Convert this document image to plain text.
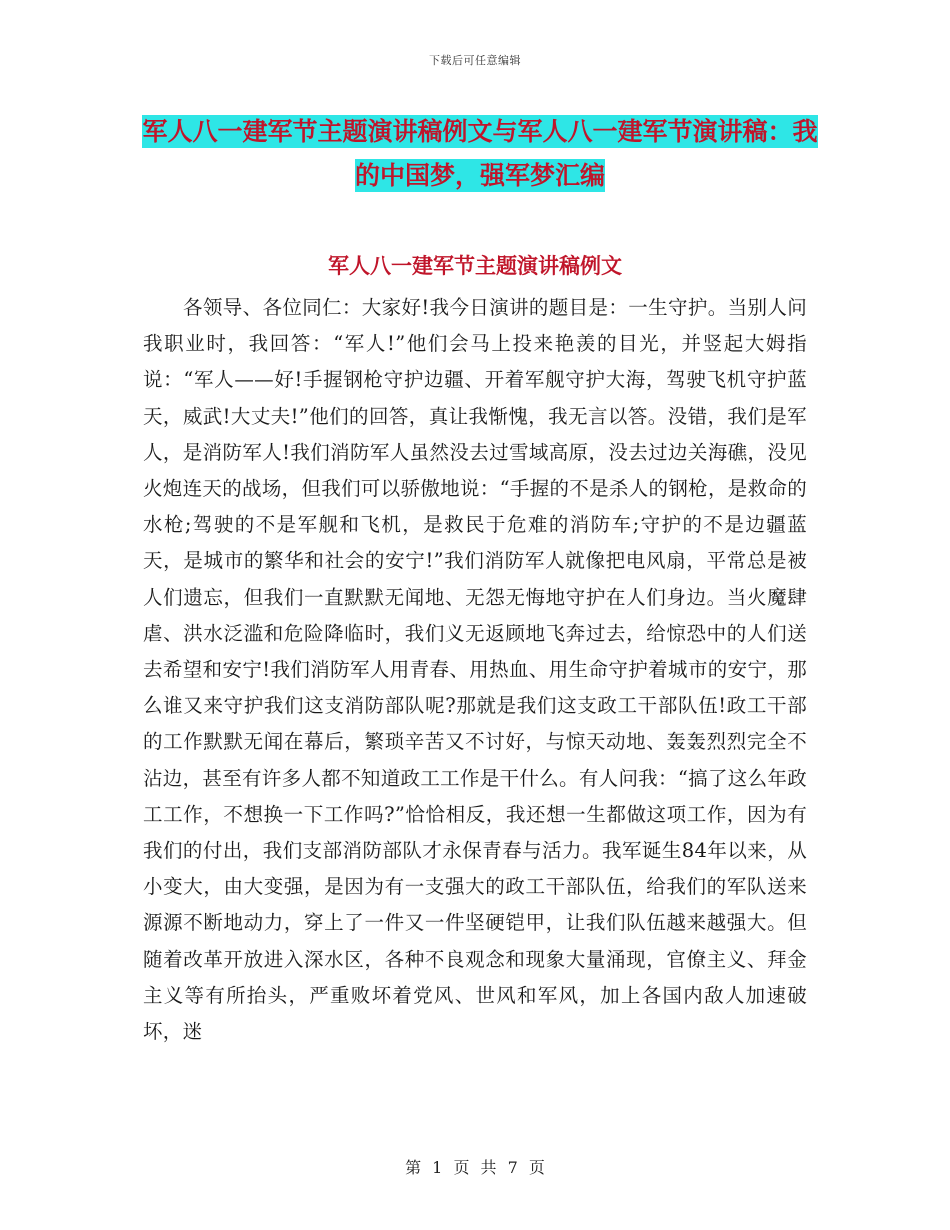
下载后可任意编辑
军人八一建军节主题演讲稿例文与军人八一建军节演讲稿：我的中国梦，强军梦汇编
军人八一建军节主题演讲稿例文

各领导、各位同仁：大家好!我今日演讲的题目是：一生守护。当别人问我职业时，我回答：“军人!”他们会马上投来艳羡的目光，并竖起大姆指说：“军人——好!手握钢枪守护边疆、开着军舰守护大海，驾驶飞机守护蓝天，威武!大丈夫!”他们的回答，真让我惭愧，我无言以答。没错，我们是军人，是消防军人!我们消防军人虽然没去过雪域高原，没去过边关海礁，没见火炮连天的战场，但我们可以骄傲地说：“手握的不是杀人的钢枪，是救命的水枪;驾驶的不是军舰和飞机，是救民于危难的消防车;守护的不是边疆蓝天，是城市的繁华和社会的安宁!”我们消防军人就像把电风扇，平常总是被人们遗忘，但我们一直默默无闻地、无怨无悔地守护在人们身边。当火魔肆虐、洪水泛滥和危险降临时，我们义无返顾地飞奔过去，给惊恐中的人们送去希望和安宁!我们消防军人用青春、用热血、用生命守护着城市的安宁，那么谁又来守护我们这支消防部队呢?那就是我们这支政工干部队伍!政工干部的工作默默无闻在幕后，繁琐辛苦又不讨好，与惊天动地、轰轰烈烈完全不沾边，甚至有许多人都不知道政工工作是干什么。有人问我：“搞了这么年政工工作，不想换一下工作吗?”恰恰相反，我还想一生都做这项工作，因为有我们的付出，我们支部消防部队才永保青春与活力。我军诞生84年以来，从小变大，由大变强，是因为有一支强大的政工干部队伍，给我们的军队送来源源不断地动力，穿上了一件又一件坚硬铠甲，让我们队伍越来越强大。但随着改革开放进入深水区，各种不良观念和现象大量涌现，官僚主义、拜金主义等有所抬头，严重败坏着党风、世风和军风，加上各国内敌人加速破坏，迷

第 1 页 共 7 页
